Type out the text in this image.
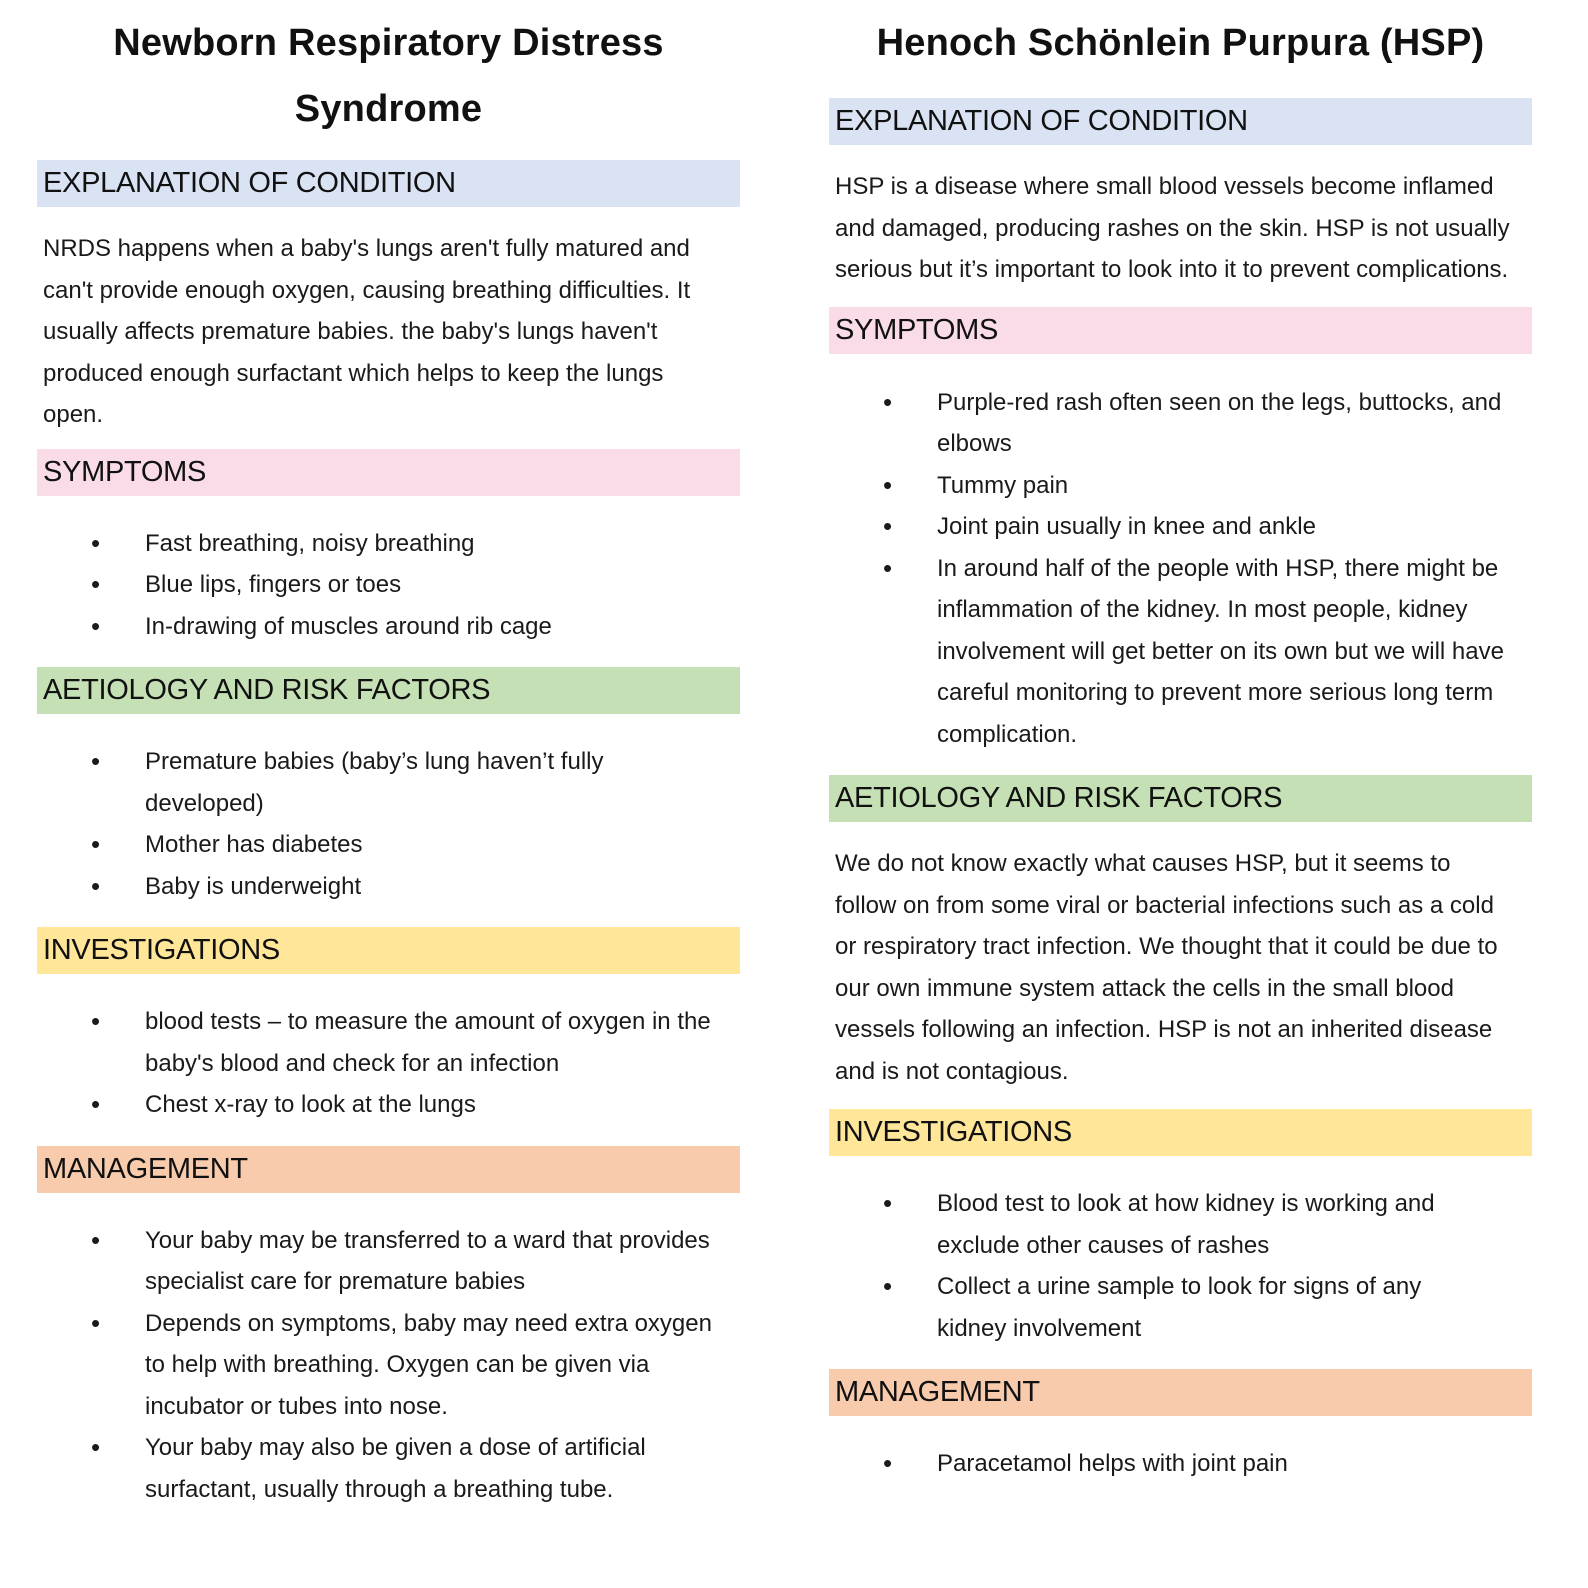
Newborn Respiratory Distress Syndrome
EXPLANATION OF CONDITION

NRDS happens when a baby's lungs aren't fully matured and can't provide enough oxygen, causing breathing difficulties. It usually affects premature babies. the baby's lungs haven't produced enough surfactant which helps to keep the lungs open.

SYMPTOMS
• Fast breathing, noisy breathing
• Blue lips, fingers or toes
• In-drawing of muscles around rib cage
AETIOLOGY AND RISK FACTORS
• Premature babies (baby’s lung haven’t fully developed)
• Mother has diabetes
• Baby is underweight
INVESTIGATIONS
• blood tests – to measure the amount of oxygen in the baby's blood and check for an infection
• Chest x-ray to look at the lungs
MANAGEMENT
• Your baby may be transferred to a ward that provides specialist care for premature babies
• Depends on symptoms, baby may need extra oxygen to help with breathing. Oxygen can be given via incubator or tubes into nose.
• Your baby may also be given a dose of artificial surfactant, usually through a breathing tube.
Henoch Schönlein Purpura (HSP)
EXPLANATION OF CONDITION

HSP is a disease where small blood vessels become inflamed and damaged, producing rashes on the skin. HSP is not usually serious but it’s important to look into it to prevent complications.

SYMPTOMS
• Purple-red rash often seen on the legs, buttocks, and elbows
• Tummy pain
• Joint pain usually in knee and ankle
• In around half of the people with HSP, there might be inflammation of the kidney. In most people, kidney involvement will get better on its own but we will have careful monitoring to prevent more serious long term complication.
AETIOLOGY AND RISK FACTORS

We do not know exactly what causes HSP, but it seems to follow on from some viral or bacterial infections such as a cold or respiratory tract infection. We thought that it could be due to our own immune system attack the cells in the small blood vessels following an infection. HSP is not an inherited disease and is not contagious.

INVESTIGATIONS
• Blood test to look at how kidney is working and exclude other causes of rashes
• Collect a urine sample to look for signs of any kidney involvement
MANAGEMENT
• Paracetamol helps with joint pain
